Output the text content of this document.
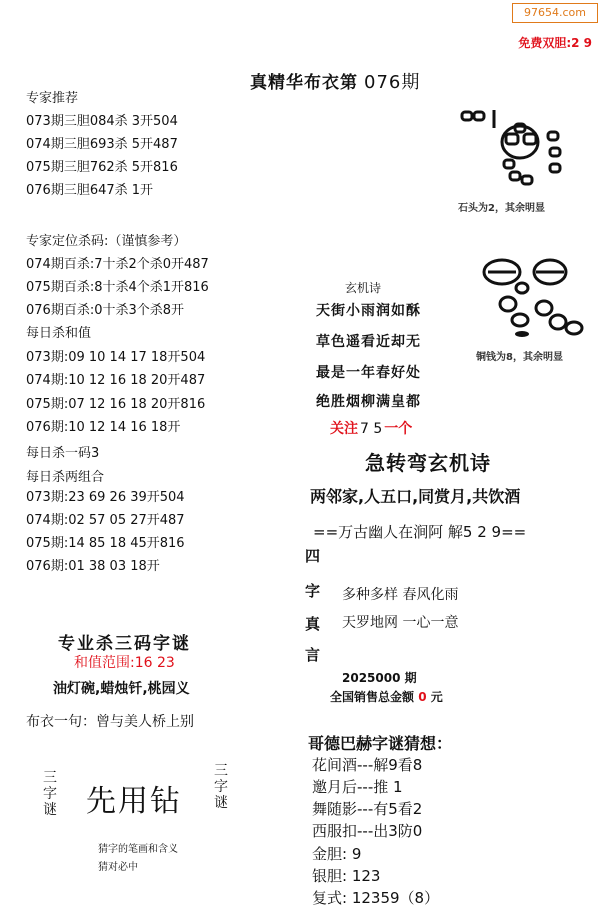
97654.com
免费双胆:2 9
真精华布衣第 076期
专家推荐
073期三胆084杀 3开504
074期三胆693杀 5开487
075期三胆762杀 5开816
076期三胆647杀 1开
专家定位杀码:（谨慎参考）
074期百杀:7十杀2个杀0开487
075期百杀:8十杀4个杀1开816
076期百杀:0十杀3个杀8开
每日杀和值
073期:09 10 14 17 18开504
074期:10 12 16 18 20开487
075期:07 12 16 18 20开816
076期:10 12 14 16 18开
每日杀一码3
每日杀两组合
073期:23 69 26 39开504
074期:02 57 05 27开487
075期:14 85 18 45开816
076期:01 38 03 18开
专业杀三码字谜
和值范围:16 23
油灯碗,蜡烛钎,桃园义
布衣一句：曾与美人桥上别
三字谜 先用钻
三字谜
猜字的笔画和含义
猜对必中
石头为2，其余明显
铜钱为8，其余明显
玄机诗
天街小雨润如酥
草色遥看近却无
最是一年春好处
绝胜烟柳满皇都
关注 7 5 一个
急转弯玄机诗
两邻家,人五口,同赏月,共饮酒
==万古幽人在涧阿 解5 2 9==
四
字
真
言
多种多样 春风化雨
天罗地网 一心一意
2025000 期
全国销售总金额 0 元
哥德巴赫字谜猜想：
花间酒---解9看8
邀月后---推 1
舞随影---有5看2
西服扣---出3防0
金胆: 9
银胆: 123
复式: 12359（8）
